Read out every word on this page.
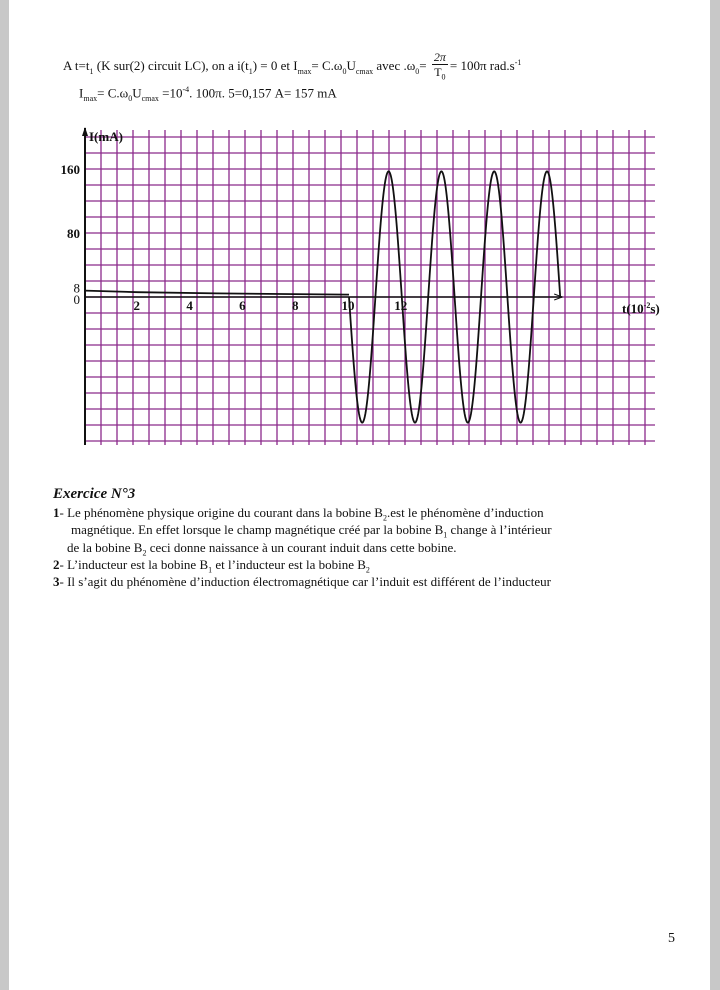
A $t=t_1$ (K sur(2) circuit LC), on a $i(t_1) = 0$ et $I_{max}= C.\omega_0U_{cmax}$ avec $.\omega_0= \frac{2\pi}{T_0} = 100\pi$ $rad.s^{-1}$
$I_{max}= C.\omega_0U_{cmax} =10^{-4}$. 100π. 5=0,157 A= 157 mA
160
80
8
0	2	4	6	8	10	12
I(mA)
$t(10^{-2}s)$
Exercice N°3
1- Le phénomène physique origine du courant dans la bobine $B_2.est$ le phénomène d’induction
magnétique. En effet lorsque le champ magnétique créé par la bobine $B_1$ change à l’intérieur
de la bobine $B_2$ ceci donne naissance à un courant induit dans cette bobine.
2- L’inducteur est la bobine $B_1$ et l’inducteur est la bobine $B_2$
3- Il s’agit du phénomène d’induction électromagnétique car l’induit est différent de l’inducteur
5
